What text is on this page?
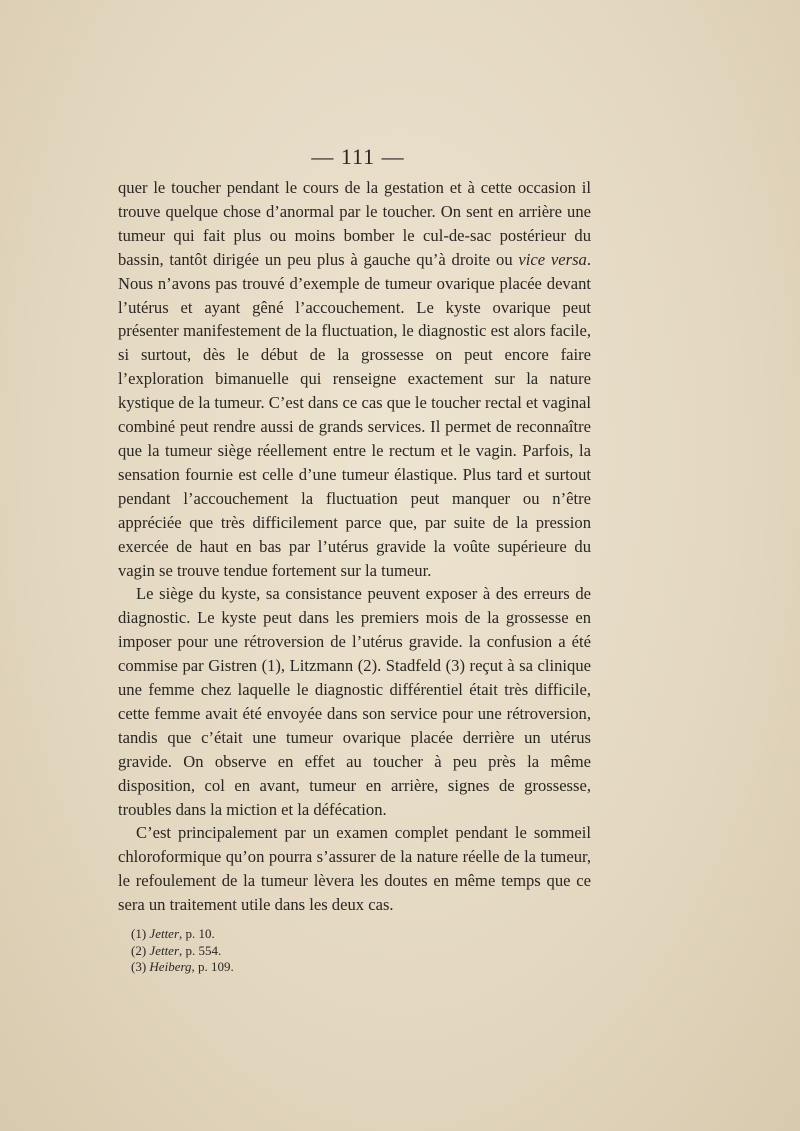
— 111 —

quer le toucher pendant le cours de la gestation et à cette occasion il trouve quelque chose d’anormal par le toucher. On sent en arrière une tumeur qui fait plus ou moins bomber le cul-de-sac postérieur du bassin, tantôt dirigée un peu plus à gauche qu’à droite ou vice versa. Nous n’avons pas trouvé d’exemple de tumeur ovarique placée devant l’utérus et ayant gêné l’accouchement. Le kyste ovarique peut présenter manifestement de la fluctuation, le diagnostic est alors facile, si surtout, dès le début de la grossesse on peut encore faire l’exploration bimanuelle qui renseigne exactement sur la nature kystique de la tumeur. C’est dans ce cas que le toucher rectal et vaginal combiné peut rendre aussi de grands services. Il permet de reconnaître que la tumeur siège réellement entre le rectum et le vagin. Parfois, la sensation fournie est celle d’une tumeur élastique. Plus tard et surtout pendant l’accouchement la fluctuation peut manquer ou n’être appréciée que très difficilement parce que, par suite de la pression exercée de haut en bas par l’utérus gravide la voûte supérieure du vagin se trouve tendue fortement sur la tumeur.

Le siège du kyste, sa consistance peuvent exposer à des erreurs de diagnostic. Le kyste peut dans les premiers mois de la grossesse en imposer pour une rétroversion de l’utérus gravide. la confusion a été commise par Gistren (1), Litzmann (2). Stadfeld (3) reçut à sa clinique une femme chez laquelle le diagnostic différentiel était très difficile, cette femme avait été envoyée dans son service pour une rétroversion, tandis que c’était une tumeur ovarique placée derrière un utérus gravide. On observe en effet au toucher à peu près la même disposition, col en avant, tumeur en arrière, signes de grossesse, troubles dans la miction et la défécation.

C’est principalement par un examen complet pendant le sommeil chloroformique qu’on pourra s’assurer de la nature réelle de la tumeur, le refoulement de la tumeur lèvera les doutes en même temps que ce sera un traitement utile dans les deux cas.

(1) Jetter, p. 10.
(2) Jetter, p. 554.
(3) Heiberg, p. 109.
